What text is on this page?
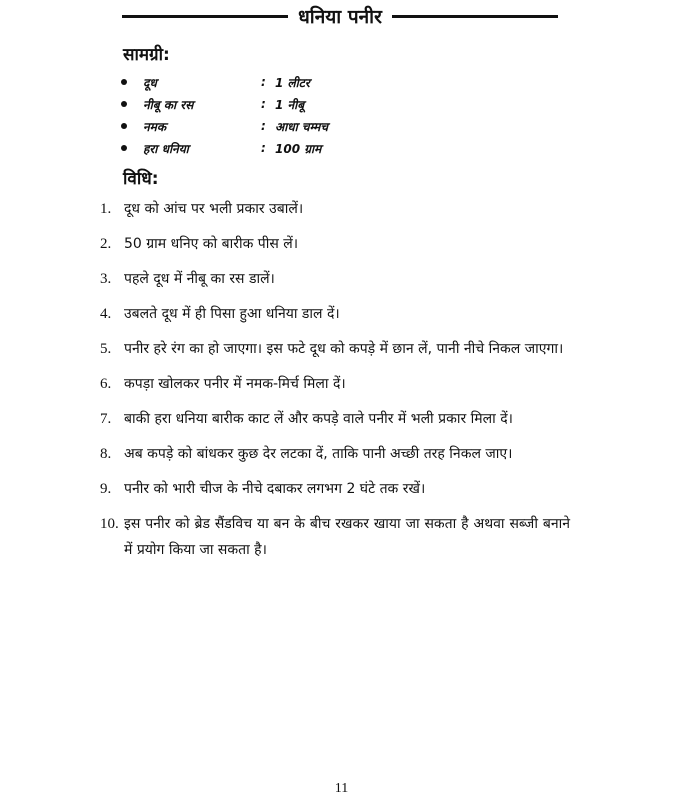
धनिया पनीर
सामग्री:
दूध	: 1 लीटर
नीबू का रस	: 1 नीबू
नमक	: आधा चम्मच
हरा धनिया	: 100 ग्राम
विधि:
1. दूध को आंच पर भली प्रकार उबालें।
2. 50 ग्राम धनिए को बारीक पीस लें।
3. पहले दूध में नीबू का रस डालें।
4. उबलते दूध में ही पिसा हुआ धनिया डाल दें।
5. पनीर हरे रंग का हो जाएगा। इस फटे दूध को कपड़े में छान लें, पानी नीचे निकल जाएगा।
6. कपड़ा खोलकर पनीर में नमक-मिर्च मिला दें।
7. बाकी हरा धनिया बारीक काट लें और कपड़े वाले पनीर में भली प्रकार मिला दें।
8. अब कपड़े को बांधकर कुछ देर लटका दें, ताकि पानी अच्छी तरह निकल जाए।
9. पनीर को भारी चीज के नीचे दबाकर लगभग 2 घंटे तक रखें।
10. इस पनीर को ब्रेड सैंडविच या बन के बीच रखकर खाया जा सकता है अथवा सब्जी बनाने में प्रयोग किया जा सकता है।
11
